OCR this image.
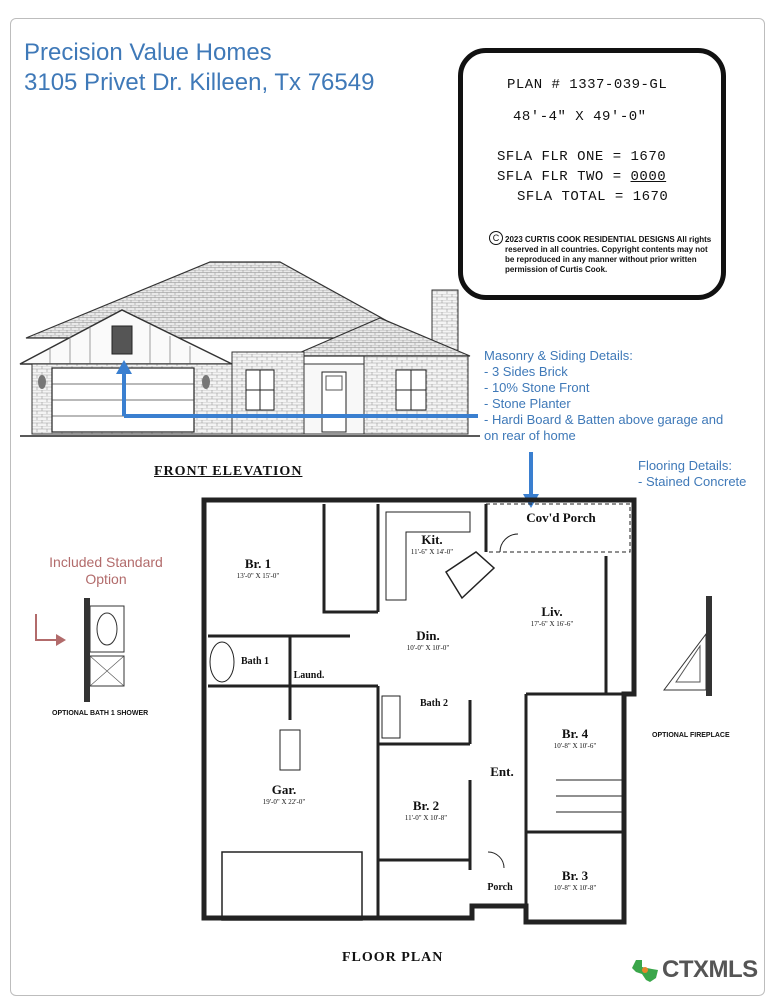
Precision Value Homes
3105 Privet Dr. Killeen, Tx 76549	PLAN # 1337-039-GL
48'-4" X 49'-0"
SFLA FLR ONE = 1670
SFLA FLR TWO = 0000
SFLA TOTAL = 1670
C 2023 CURTIS COOK RESIDENTIAL DESIGNS All rights reserved in all countries. Copyright contents may not be reproduced in any manner without prior written permission of Curtis Cook.
Masonry & Siding Details:
- 3 Sides Brick
- 10% Stone Front
- Stone Planter
- Hardi Board & Batten above garage and
on rear of home
Flooring Details:
- Stained Concrete
FRONT ELEVATION
Included Standard
Option
OPTIONAL BATH 1 SHOWER
OPTIONAL FIREPLACE
Br. 1
13'-0" X 15'-0"
Kit.
11'-6" X 14'-0"
Cov'd Porch
Liv.
17'-6" X 16'-6"
Din.
10'-0" X 10'-0"
Bath 1
Laund.
Bath 2
Br. 4
10'-8" X 10'-6"
Gar.
19'-0" X 22'-0"
Ent.
Br. 2
11'-0" X 10'-8"
Br. 3
10'-8" X 10'-8"
Porch
FLOOR PLAN	CTXMLS
